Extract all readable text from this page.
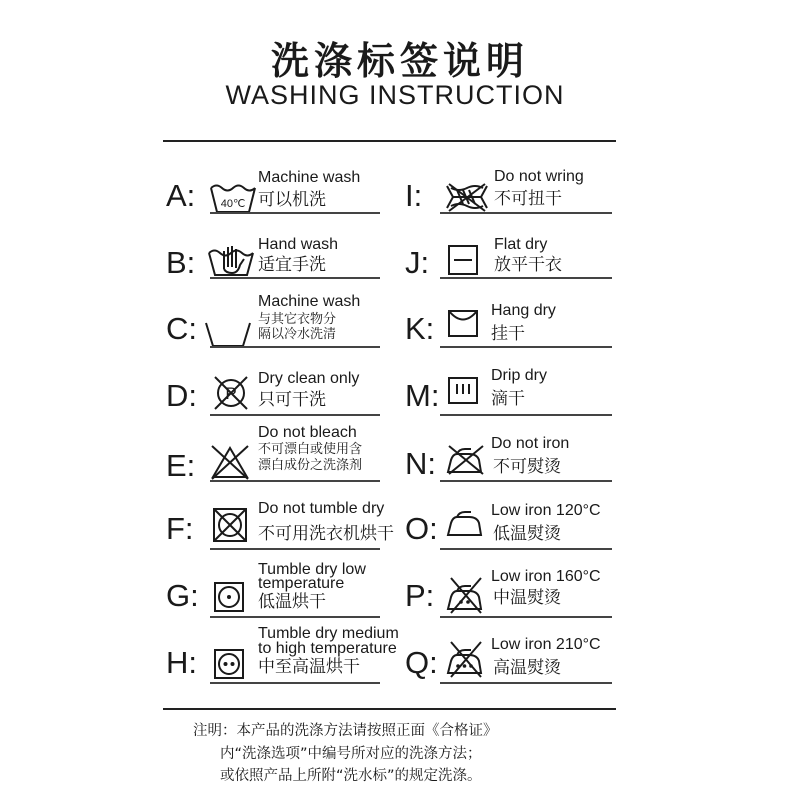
洗涤标签说明
WASHING INSTRUCTION
A: 40℃
Machine wash
可以机洗
B:
Hand wash
适宜手洗
C:
Machine wash
与其它衣物分
隔以冷水洗清
D: P
Dry clean only
只可干洗
E:
Do not bleach
不可漂白或使用含
漂白成份之洗涤剂
F:
Do not tumble dry
不可用洗衣机烘干
G:
Tumble dry low
temperature
低温烘干
H:
Tumble dry medium
to high temperature
中至高温烘干
I:
Do not wring
不可扭干
J:
Flat dry
放平干衣
K:
Hang dry
挂干
M:
Drip dry
滴干
N:
Do not iron
不可熨烫
O:
Low iron 120°C
低温熨烫
P:
Low iron 160°C
中温熨烫
Q:
Low iron 210°C
高温熨烫
注明：本产品的洗涤方法请按照正面《合格证》
内“洗涤选项”中编号所对应的洗涤方法；
或依照产品上所附“洗水标”的规定洗涤。
